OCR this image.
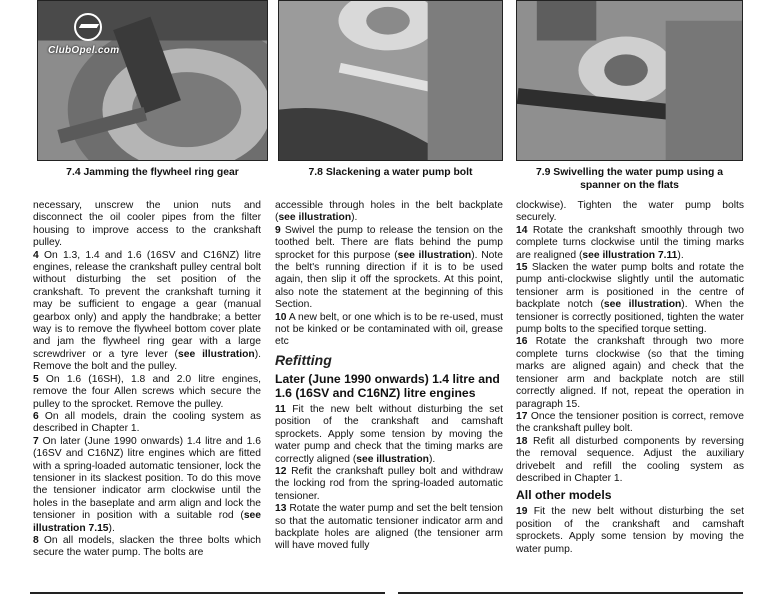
ClubOpel.com
7.4 Jamming the flywheel ring gear	7.8 Slackening a water pump bolt	7.9 Swivelling the water pump using a spanner on the flats

necessary, unscrew the union nuts and disconnect the oil cooler pipes from the filter housing to improve access to the crankshaft pulley.

4 On 1.3, 1.4 and 1.6 (16SV and C16NZ) litre engines, release the crankshaft pulley central bolt without disturbing the set position of the crankshaft. To prevent the crankshaft turning it may be sufficient to engage a gear (manual gearbox only) and apply the handbrake; a better way is to remove the flywheel bottom cover plate and jam the flywheel ring gear with a large screwdriver or a tyre lever (see illustration). Remove the bolt and the pulley.

5 On 1.6 (16SH), 1.8 and 2.0 litre engines, remove the four Allen screws which secure the pulley to the sprocket. Remove the pulley.

6 On all models, drain the cooling system as described in Chapter 1.

7 On later (June 1990 onwards) 1.4 litre and 1.6 (16SV and C16NZ) litre engines which are fitted with a spring-loaded automatic tensioner, lock the tensioner in its slackest position. To do this move the tensioner indicator arm clockwise until the holes in the baseplate and arm align and lock the tensioner in position with a suitable rod (see illustration 7.15).

8 On all models, slacken the three bolts which secure the water pump. The bolts are

accessible through holes in the belt backplate (see illustration).

9 Swivel the pump to release the tension on the toothed belt. There are flats behind the pump sprocket for this purpose (see illustration). Note the belt's running direction if it is to be used again, then slip it off the sprockets. At this point, also note the statement at the beginning of this Section.

10 A new belt, or one which is to be re-used, must not be kinked or be contaminated with oil, grease etc

Refitting
Later (June 1990 onwards) 1.4 litre and 1.6 (16SV and C16NZ) litre engines

11 Fit the new belt without disturbing the set position of the crankshaft and camshaft sprockets. Apply some tension by moving the water pump and check that the timing marks are correctly aligned (see illustration).

12 Refit the crankshaft pulley bolt and withdraw the locking rod from the spring-loaded automatic tensioner.

13 Rotate the water pump and set the belt tension so that the automatic tensioner indicator arm and backplate holes are aligned (the tensioner arm will have moved fully

clockwise). Tighten the water pump bolts securely.

14 Rotate the crankshaft smoothly through two complete turns clockwise until the timing marks are realigned (see illustration 7.11).

15 Slacken the water pump bolts and rotate the pump anti-clockwise slightly until the automatic tensioner arm is positioned in the centre of backplate notch (see illustration). When the tensioner is correctly positioned, tighten the water pump bolts to the specified torque setting.

16 Rotate the crankshaft through two more complete turns clockwise (so that the timing marks are aligned again) and check that the tensioner arm and backplate notch are still correctly aligned. If not, repeat the operation in paragraph 15.

17 Once the tensioner position is correct, remove the crankshaft pulley bolt.

18 Refit all disturbed components by reversing the removal sequence. Adjust the auxiliary drivebelt and refill the cooling system as described in Chapter 1.

All other models

19 Fit the new belt without disturbing the set position of the crankshaft and camshaft sprockets. Apply some tension by moving the water pump.
